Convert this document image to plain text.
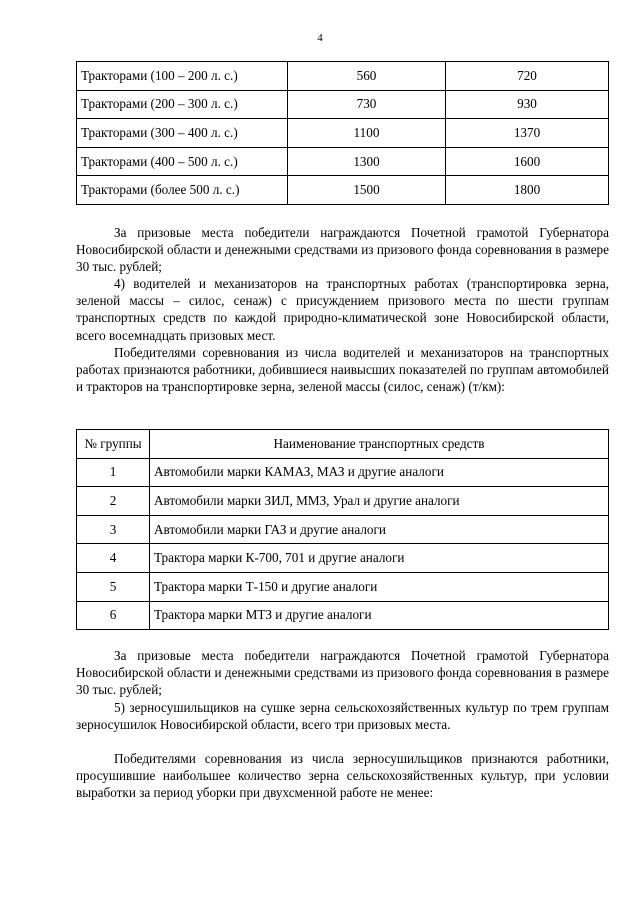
4
Тракторами (100 – 200 л. с.)	560	720
Тракторами (200 – 300 л. с.)	730	930
Тракторами (300 – 400 л. с.)	1100	1370
Тракторами (400 – 500 л. с.)	1300	1600
Тракторами (более 500 л. с.)	1500	1800

За призовые места победители награждаются Почетной грамотой Губернатора Новосибирской области и денежными средствами из призового фонда соревнования в размере 30 тыс. рублей;

4) водителей и механизаторов на транспортных работах (транспортировка зерна, зеленой массы – силос, сенаж) с присуждением призового места по шести группам транспортных средств по каждой природно-климатической зоне Новосибирской области, всего восемнадцать призовых мест.

Победителями соревнования из числа водителей и механизаторов на транспортных работах признаются работники, добившиеся наивысших показателей по группам автомобилей и тракторов на транспортировке зерна, зеленой массы (силос, сенаж) (т/км):

№ группы	Наименование транспортных средств
1	Автомобили марки КАМАЗ, МАЗ и другие аналоги
2	Автомобили марки ЗИЛ, ММЗ, Урал и другие аналоги
3	Автомобили марки ГАЗ и другие аналоги
4	Трактора марки К-700, 701 и другие аналоги
5	Трактора марки Т-150 и другие аналоги
6	Трактора марки МТЗ и другие аналоги

За призовые места победители награждаются Почетной грамотой Губернатора Новосибирской области и денежными средствами из призового фонда соревнования в размере 30 тыс. рублей;

5) зерносушильщиков на сушке зерна сельскохозяйственных культур по трем группам зерносушилок Новосибирской области, всего три призовых места.

Победителями соревнования из числа зерносушильщиков признаются работники, просушившие наибольшее количество зерна сельскохозяйственных культур, при условии выработки за период уборки при двухсменной работе не менее:
